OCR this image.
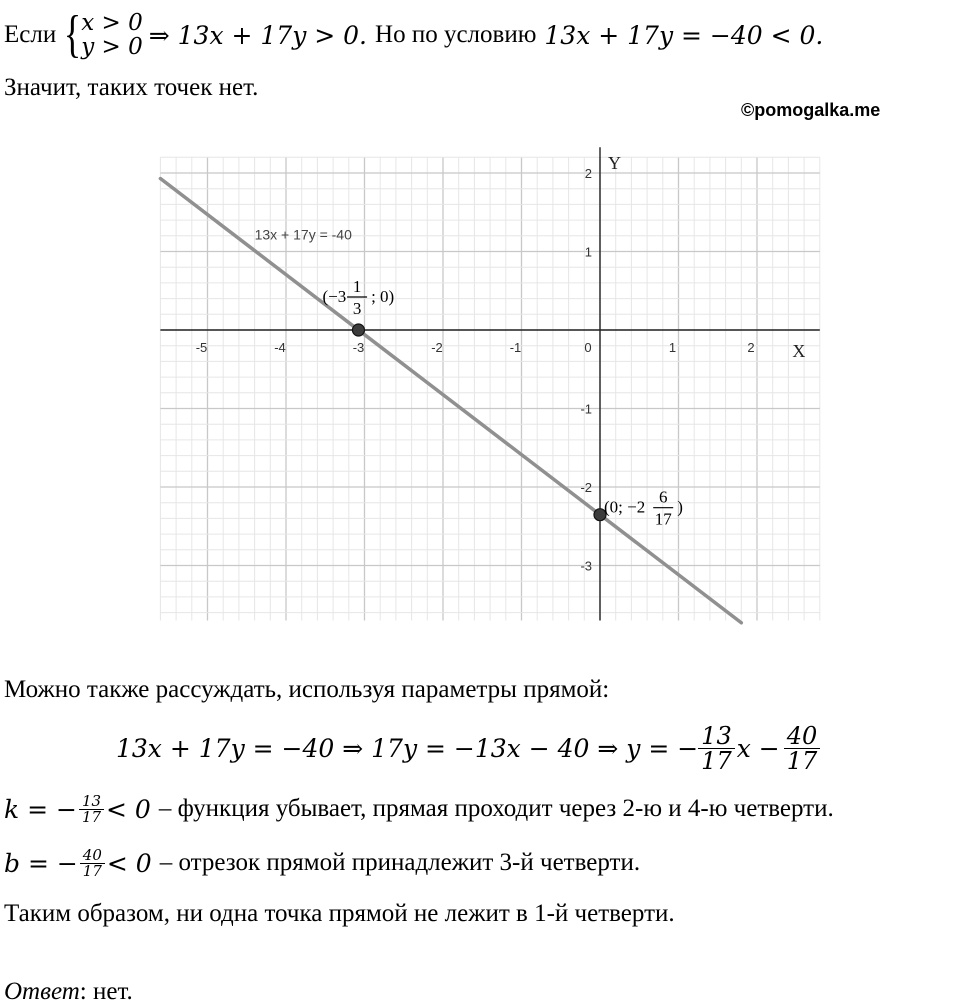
Если { x > 0
y > 0 ⇒ 13x + 17y > 0. Но по условию 13x + 17y = −40 < 0.
Значит, таких точек нет.
©pomogalka.me
-5	-4	-3	-2	-1	0	1	2
2
1
-1
-2
-3
X
Y
13x + 17y = -40
(−3
1
3
; 0)
(0; −2
6
17
)
Можно также рассуждать, используя параметры прямой:
13x + 17y = −40 ⇒ 17y = −13x − 40 ⇒ y = − $\frac{13}{17}$ $x - \frac{40}{17}$
k = − $\frac{13}{17} < 0$ – функция убывает, прямая проходит через 2-ю и 4-ю четверти.
b = − $\frac{40}{17} < 0$ – отрезок прямой принадлежит 3-й четверти.
Таким образом, ни одна точка прямой не лежит в 1-й четверти.
Ответ: нет.
